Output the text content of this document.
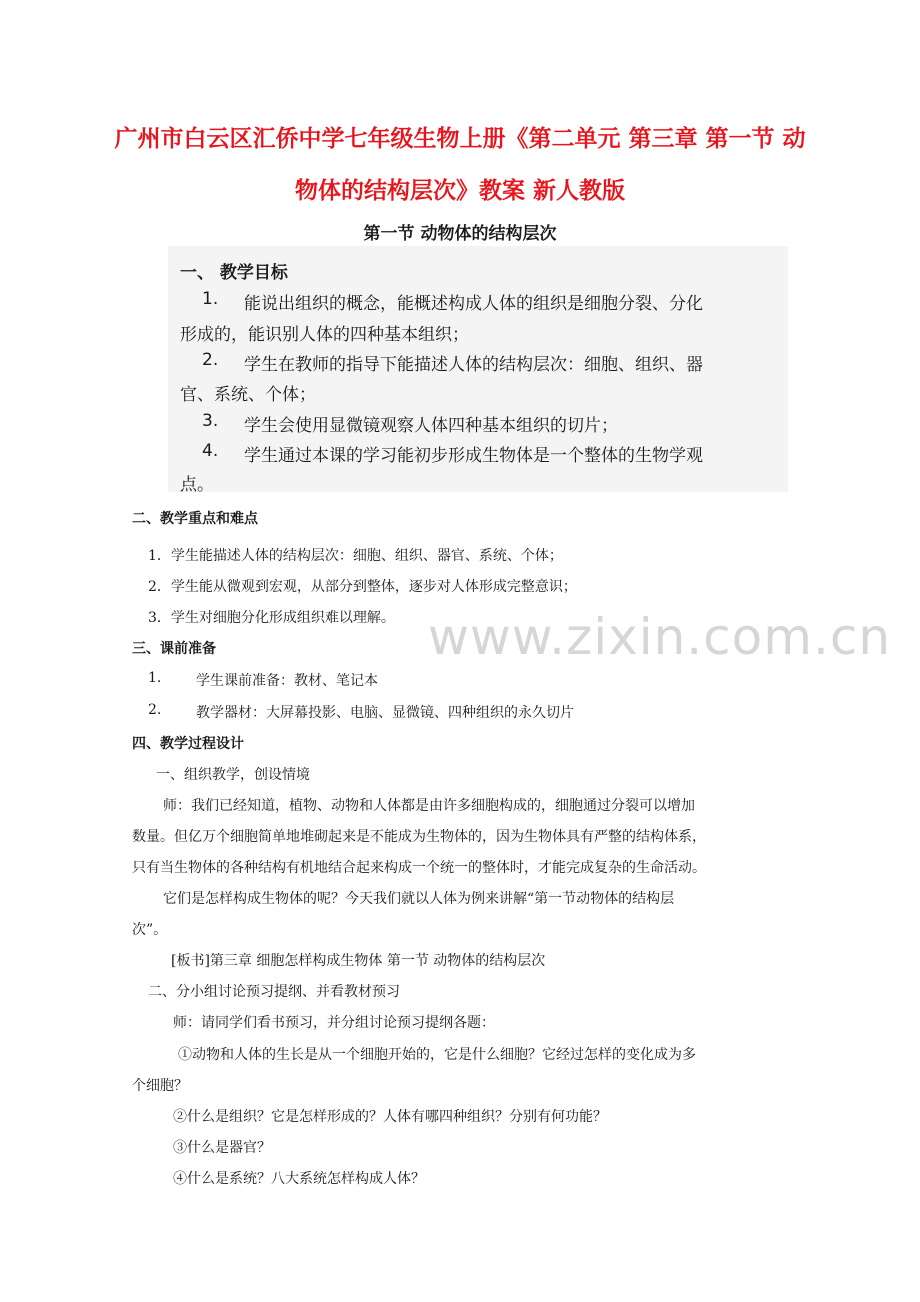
广州市白云区汇侨中学七年级生物上册《第二单元 第三章 第一节 动
物体的结构层次》教案 新人教版
第一节 动物体的结构层次
一、 教学目标
1. 能说出组织的概念，能概述构成人体的组织是细胞分裂、分化
形成的，能识别人体的四种基本组织；
2. 学生在教师的指导下能描述人体的结构层次：细胞、组织、器
官、系统、个体；
3. 学生会使用显微镜观察人体四种基本组织的切片；
4. 学生通过本课的学习能初步形成生物体是一个整体的生物学观
点。
二、教学重点和难点
1．学生能描述人体的结构层次：细胞、组织、器官、系统、个体；
2．学生能从微观到宏观，从部分到整体，逐步对人体形成完整意识；
3．学生对细胞分化形成组织难以理解。 www.zixin.com.cn
三、课前准备
1. 学生课前准备：教材、笔记本
2. 教学器材：大屏幕投影、电脑、显微镜、四种组织的永久切片
四、教学过程设计
一、组织教学，创设情境
师：我们已经知道，植物、动物和人体都是由许多细胞构成的，细胞通过分裂可以增加
数量。但亿万个细胞简单地堆砌起来是不能成为生物体的，因为生物体具有严整的结构体系，
只有当生物体的各种结构有机地结合起来构成一个统一的整体时，才能完成复杂的生命活动。
它们是怎样构成生物体的呢？今天我们就以人体为例来讲解“第一节动物体的结构层
次”。
[板书]第三章 细胞怎样构成生物体 第一节 动物体的结构层次
二、分小组讨论预习提纲、并看教材预习
师：请同学们看书预习，并分组讨论预习提纲各题：
①动物和人体的生长是从一个细胞开始的，它是什么细胞？它经过怎样的变化成为多
个细胞？
②什么是组织？它是怎样形成的？人体有哪四种组织？分别有何功能？
③什么是器官？
④什么是系统？八大系统怎样构成人体？
